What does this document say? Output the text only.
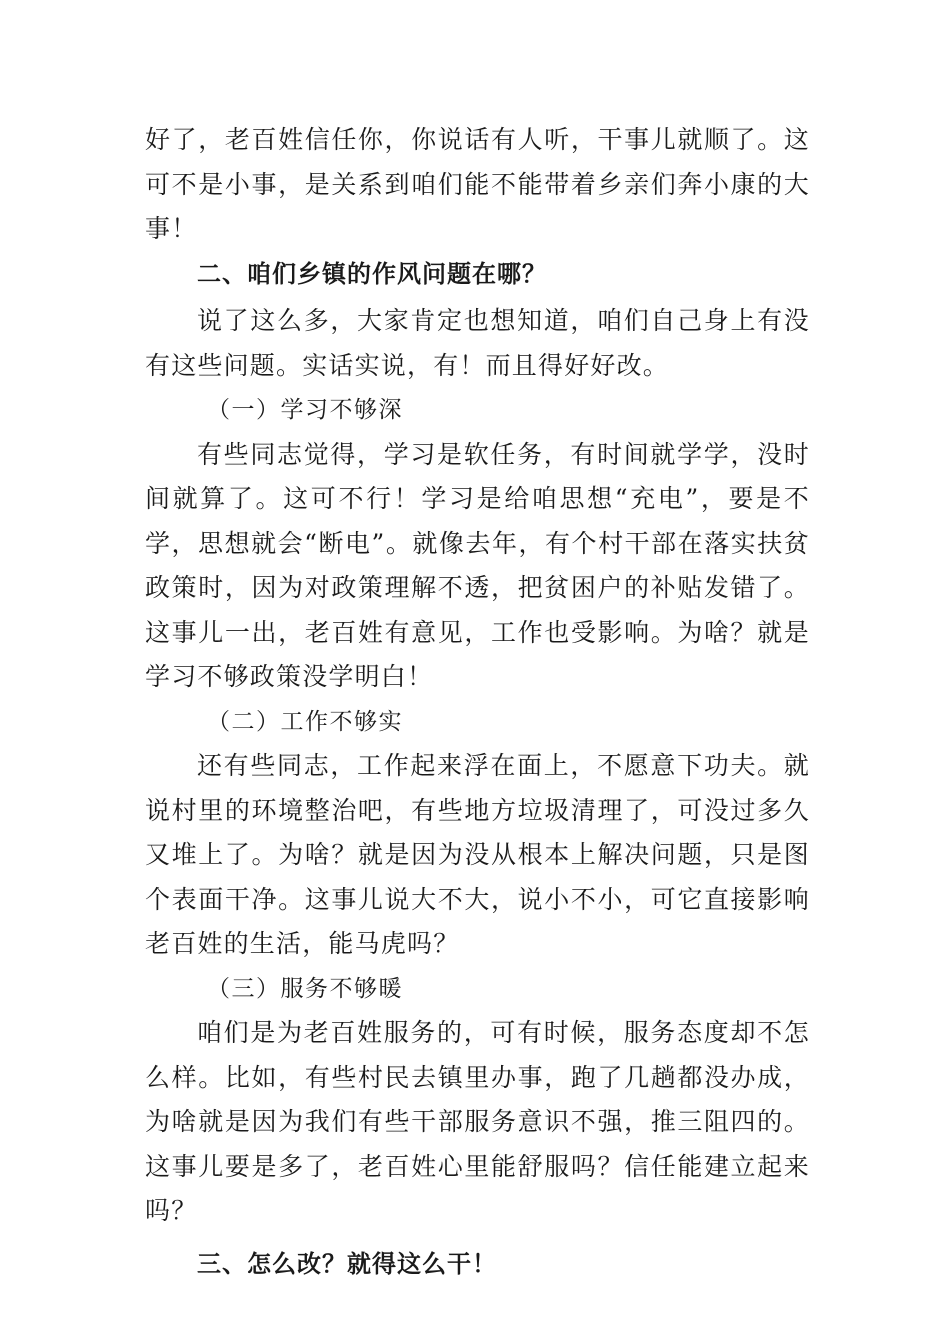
好了，老百姓信任你，你说话有人听，干事儿就顺了。这可不是小事，是关系到咱们能不能带着乡亲们奔小康的大事！

二、咱们乡镇的作风问题在哪？

说了这么多，大家肯定也想知道，咱们自己身上有没有这些问题。实话实说，有！而且得好好改。

（一）学习不够深

有些同志觉得，学习是软任务，有时间就学学，没时间就算了。这可不行！学习是给咱思想“充电”，要是不学，思想就会“断电”。就像去年，有个村干部在落实扶贫政策时，因为对政策理解不透，把贫困户的补贴发错了。这事儿一出，老百姓有意见，工作也受影响。为啥？就是学习不够政策没学明白！

（二）工作不够实

还有些同志，工作起来浮在面上，不愿意下功夫。就说村里的环境整治吧，有些地方垃圾清理了，可没过多久又堆上了。为啥？就是因为没从根本上解决问题，只是图个表面干净。这事儿说大不大，说小不小，可它直接影响老百姓的生活，能马虎吗？

（三）服务不够暖

咱们是为老百姓服务的，可有时候，服务态度却不怎么样。比如，有些村民去镇里办事，跑了几趟都没办成，为啥就是因为我们有些干部服务意识不强，推三阻四的。这事儿要是多了，老百姓心里能舒服吗？信任能建立起来吗？

三、怎么改？就得这么干！
